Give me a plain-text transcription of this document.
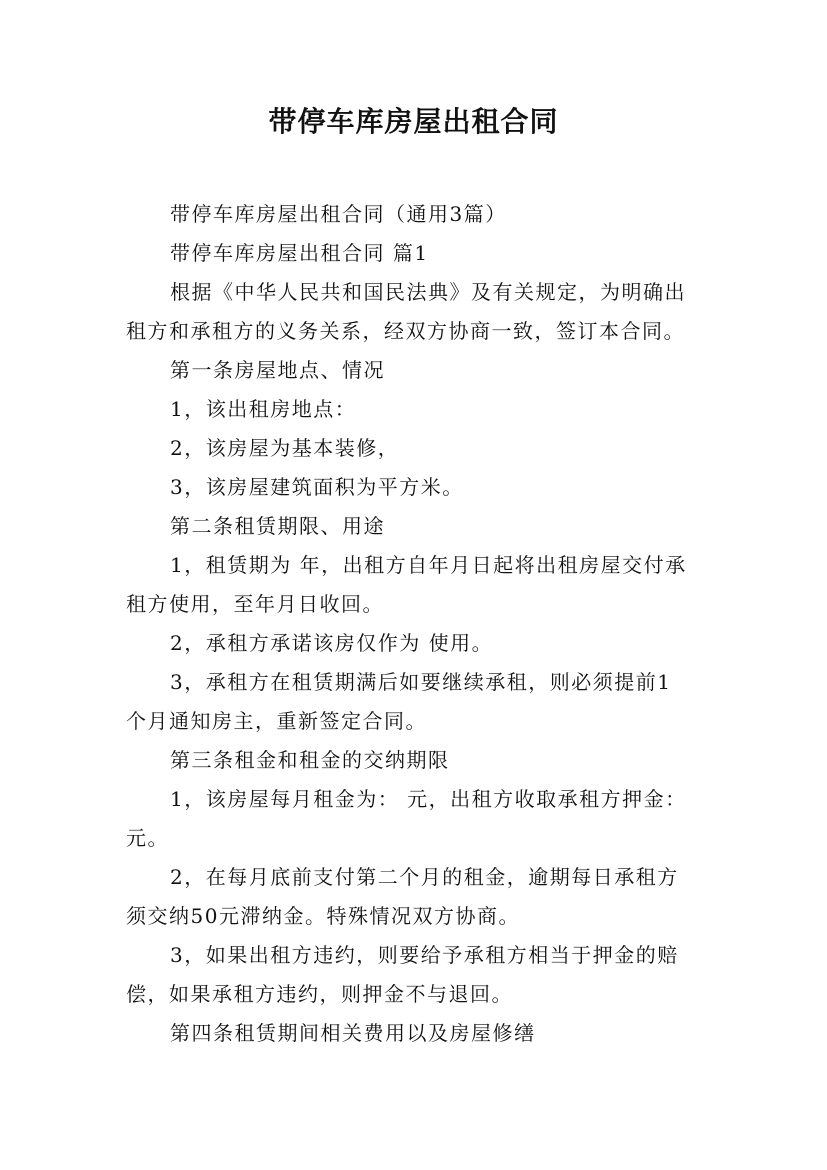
带停车库房屋出租合同
带停车库房屋出租合同（通用3篇）
带停车库房屋出租合同 篇1
根据《中华人民共和国民法典》及有关规定，为明确出
租方和承租方的义务关系，经双方协商一致，签订本合同。
第一条房屋地点、情况
1，该出租房地点：
2，该房屋为基本装修，
3，该房屋建筑面积为平方米。
第二条租赁期限、用途
1，租赁期为 年，出租方自年月日起将出租房屋交付承
租方使用，至年月日收回。
2，承租方承诺该房仅作为 使用。
3，承租方在租赁期满后如要继续承租，则必须提前1
个月通知房主，重新签定合同。
第三条租金和租金的交纳期限
1，该房屋每月租金为： 元，出租方收取承租方押金：
元。
2，在每月底前支付第二个月的租金，逾期每日承租方
须交纳50元滞纳金。特殊情况双方协商。
3，如果出租方违约，则要给予承租方相当于押金的赔
偿，如果承租方违约，则押金不与退回。
第四条租赁期间相关费用以及房屋修缮
